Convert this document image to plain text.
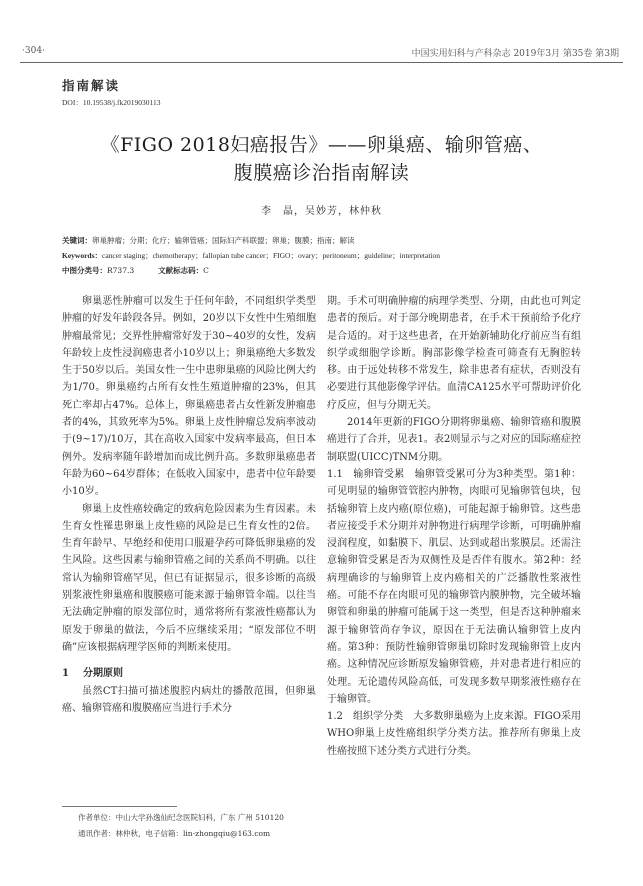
·304·	中国实用妇科与产科杂志 2019年3月 第35卷 第3期
指南解读
DOI：10.19538/j.fk2019030113
《FIGO 2018妇癌报告》——卵巢癌、输卵管癌、
腹膜癌诊治指南解读
李　晶，吴妙芳，林仲秋
关键词：卵巢肿瘤；分期；化疗；输卵管癌；国际妇产科联盟；卵巢；腹膜；指南；解读
Keywords：cancer staging；chemotherapy；fallopian tube cancer；FIGO；ovary；peritoneum；guideline；interpretation
中图分类号：R737.3	文献标志码：C

卵巢恶性肿瘤可以发生于任何年龄，不同组织学类型肿瘤的好发年龄段各异。例如，20岁以下女性中生殖细胞肿瘤最常见；交界性肿瘤常好发于30~40岁的女性，发病年龄较上皮性浸润癌患者小10岁以上；卵巢癌绝大多数发生于50岁以后。美国女性一生中患卵巢癌的风险比例大约为1/70。卵巢癌约占所有女性生殖道肿瘤的23%，但其死亡率却占47%。总体上，卵巢癌患者占女性新发肿瘤患者的4%，其致死率为5%。卵巢上皮性肿瘤总发病率波动于(9~17)/10万，其在高收入国家中发病率最高，但日本例外。发病率随年龄增加而成比例升高。多数卵巢癌患者年龄为60~64岁群体；在低收入国家中，患者中位年龄要小10岁。

卵巢上皮性癌较确定的致病危险因素为生育因素。未生育女性罹患卵巢上皮性癌的风险是已生育女性的2倍。生育年龄早、早绝经和使用口服避孕药可降低卵巢癌的发生风险。这些因素与输卵管癌之间的关系尚不明确。以往常认为输卵管癌罕见，但已有证据显示，很多诊断的高级别浆液性卵巢癌和腹膜癌可能来源于输卵管伞端。以往当无法确定肿瘤的原发部位时，通常将所有浆液性癌都认为原发于卵巢的做法，今后不应继续采用；“原发部位不明确”应该根据病理学医师的判断来使用。

1 分期原则

虽然CT扫描可描述腹腔内病灶的播散范围，但卵巢癌、输卵管癌和腹膜癌应当进行手术分

期。手术可明确肿瘤的病理学类型、分期，由此也可判定患者的预后。对于部分晚期患者，在手术干预前给予化疗是合适的。对于这些患者，在开始新辅助化疗前应当有组织学或细胞学诊断。胸部影像学检查可筛查有无胸腔转移。由于远处转移不常发生，除非患者有症状，否则没有必要进行其他影像学评估。血清CA125水平可帮助评价化疗反应，但与分期无关。

2014年更新的FIGO分期将卵巢癌、输卵管癌和腹膜癌进行了合并，见表1。表2则显示与之对应的国际癌症控制联盟(UICC)TNM分期。

1.1　输卵管受累　输卵管受累可分为3种类型。第1种：可见明显的输卵管管腔内肿物，肉眼可见输卵管包块，包括输卵管上皮内癌(原位癌)，可能起源于输卵管。这些患者应接受手术分期并对肿物进行病理学诊断，可明确肿瘤浸润程度，如黏膜下、肌层、达到或超出浆膜层。还需注意输卵管受累是否为双侧性及是否伴有腹水。第2种：经病理确诊的与输卵管上皮内癌相关的广泛播散性浆液性癌。可能不存在肉眼可见的输卵管内膜肿物，完全破坏输卵管和卵巢的肿瘤可能属于这一类型，但是否这种肿瘤来源于输卵管尚存争议，原因在于无法确认输卵管上皮内癌。第3种：预防性输卵管卵巢切除时发现输卵管上皮内癌。这种情况应诊断原发输卵管癌，并对患者进行相应的处理。无论遗传风险高低，可发现多数早期浆液性癌存在于输卵管。

1.2　组织学分类　大多数卵巢癌为上皮来源。FIGO采用WHO卵巢上皮性癌组织学分类方法。推荐所有卵巢上皮性癌按照下述分类方式进行分类。

作者单位：中山大学孙逸仙纪念医院妇科，广东 广州 510120
通讯作者：林仲秋，电子信箱：lin-zhongqiu@163.com
